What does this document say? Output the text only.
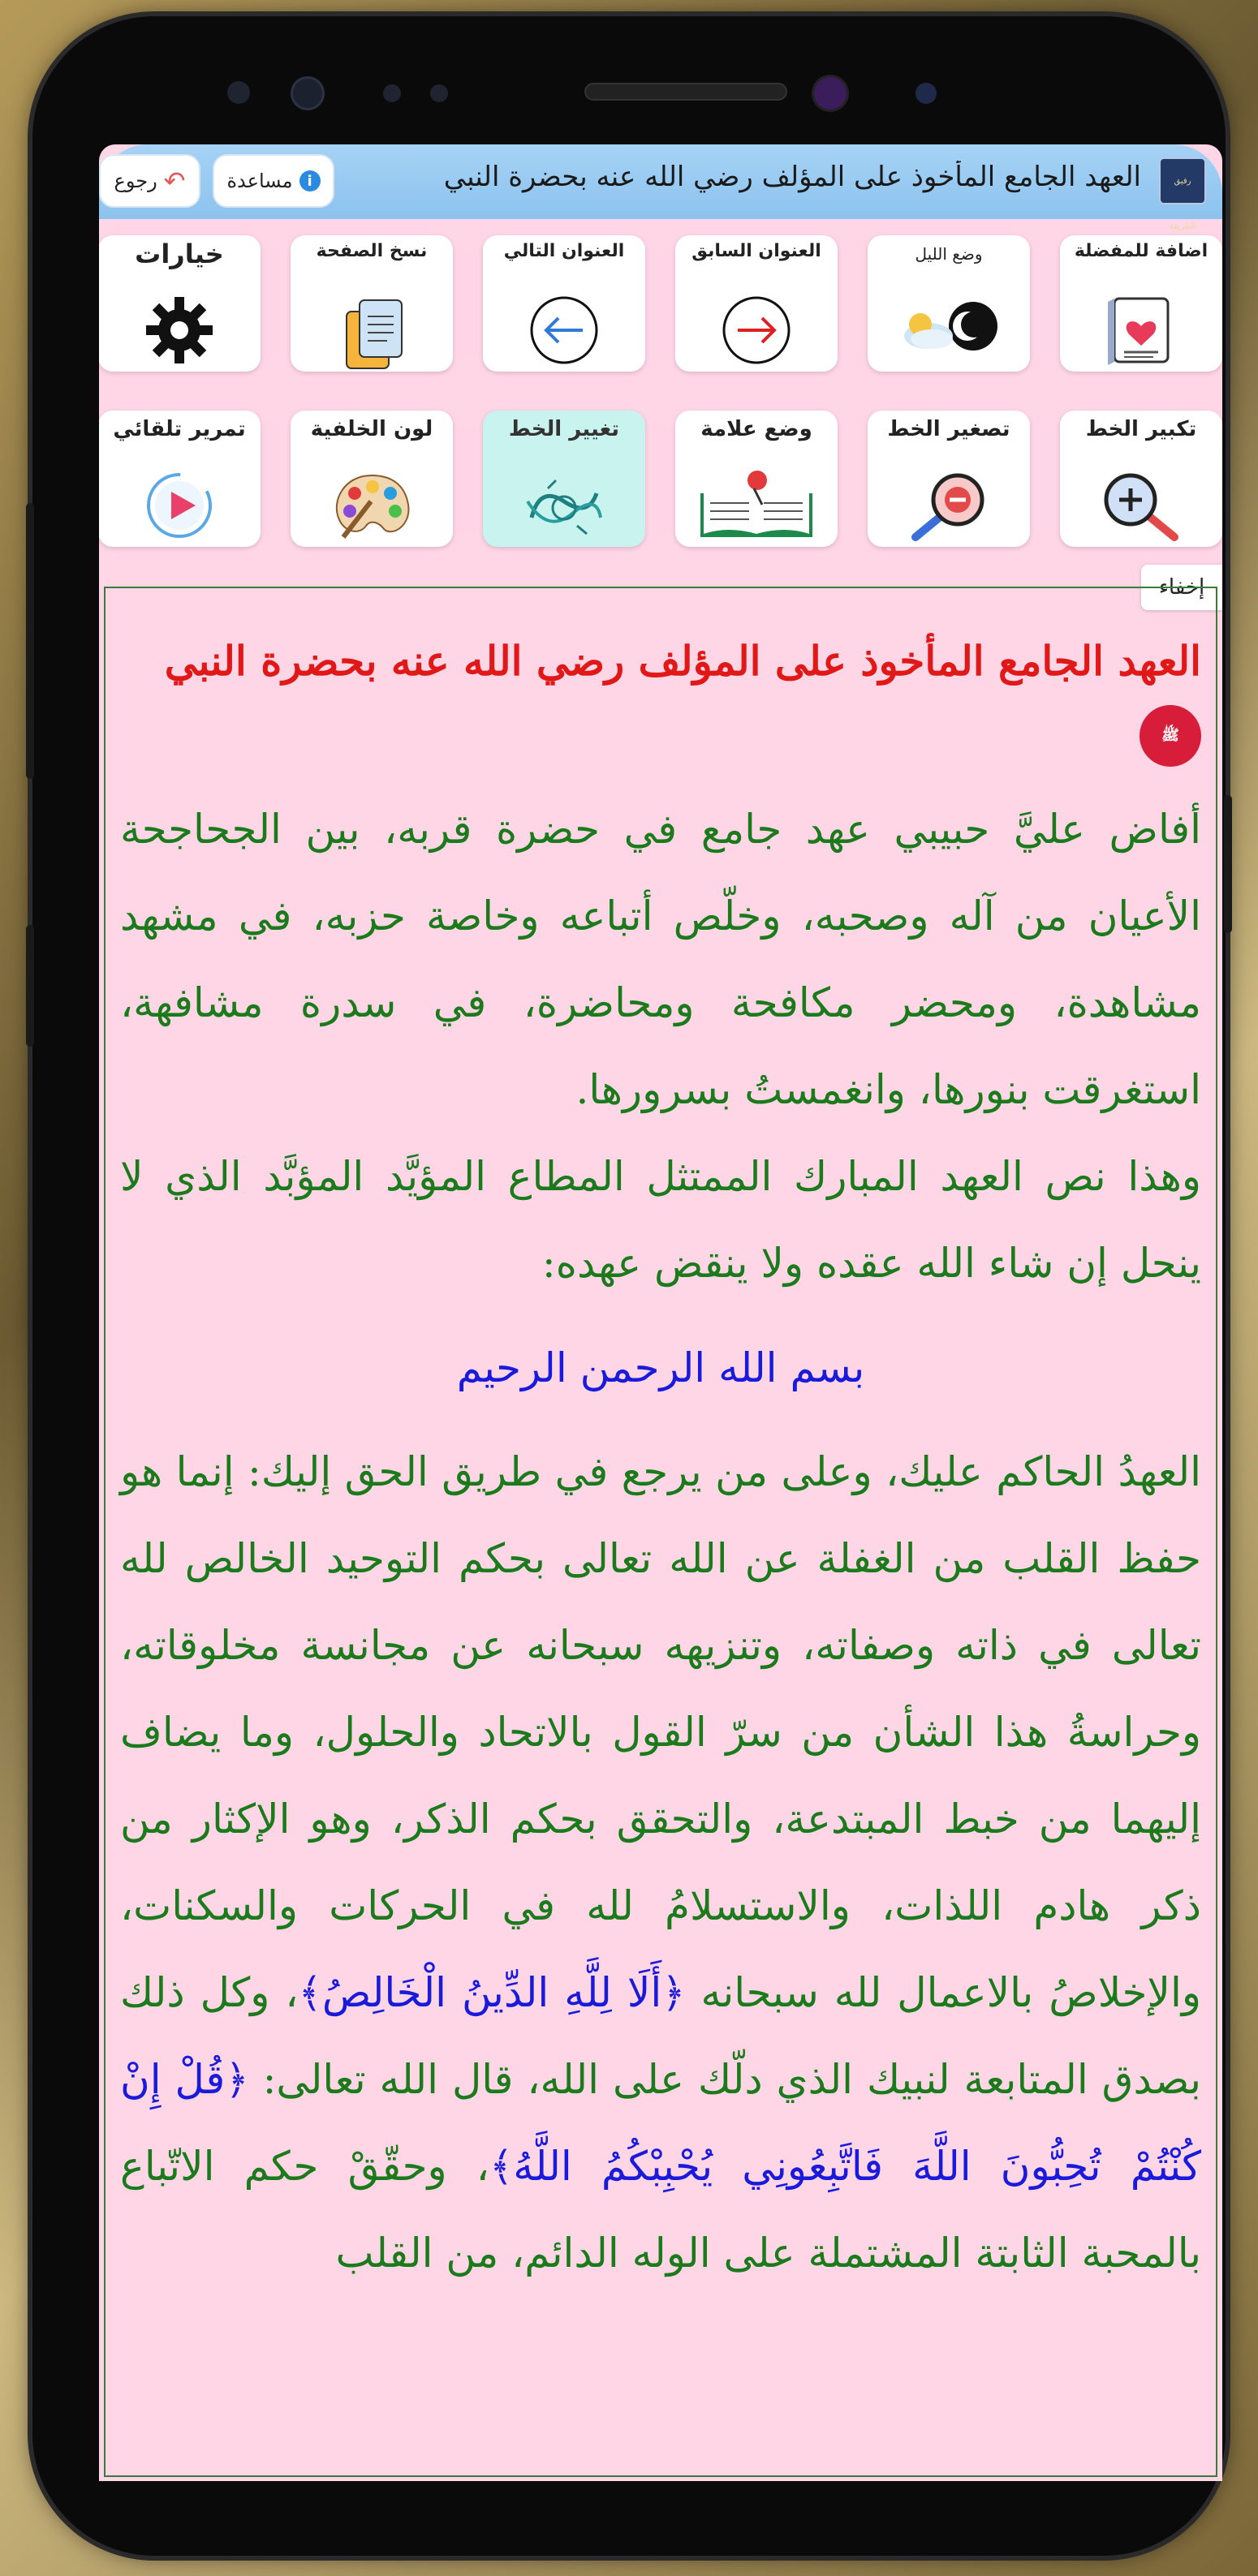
رفيق الطريقة
العهد الجامع المأخوذ على المؤلف رضي الله عنه بحضرة النبي
i
مساعدة
↶
رجوع
اضافة للمفضلة
وضع الليل
العنوان السابق
العنوان التالي
نسخ الصفحة
خيارات
تكبير الخط
تصغير الخط
وضع علامة
تغيير الخط
لون الخلفية
تمرير تلقائي
إخفاء
العهد الجامع المأخوذ على المؤلف رضي الله عنه بحضرة النبي
ﷺ
أفاض عليَّ حبيبي عهد جامع في حضرة قربه، بين الجحاجحة الأعيان من آله وصحبه، وخلّص أتباعه وخاصة حزبه، في مشهد مشاهدة، ومحضر مكافحة ومحاضرة، في سدرة مشافهة، استغرقت بنورها، وانغمستُ بسرورها.
وهذا نص العهد المبارك الممتثل المطاع المؤيَّد المؤبَّد الذي لا ينحل إن شاء الله عقده ولا ينقض عهده:
بسم الله الرحمن الرحيم
العهدُ الحاكم عليك، وعلى من يرجع في طريق الحق إليك: إنما هو حفظ القلب من الغفلة عن الله تعالى بحكم التوحيد الخالص لله تعالى في ذاته وصفاته، وتنزيهه سبحانه عن مجانسة مخلوقاته، وحراسةُ هذا الشأن من سرّ القول بالاتحاد والحلول، وما يضاف إليهما من خبط المبتدعة، والتحقق بحكم الذكر، وهو الإكثار من ذكر هادم اللذات، والاستسلامُ لله في الحركات والسكنات، والإخلاصُ بالاعمال لله سبحانه ﴿أَلَا لِلَّهِ الدِّينُ الْخَالِصُ﴾، وكل ذلك بصدق المتابعة لنبيك الذي دلّك على الله، قال الله تعالى: ﴿قُلْ إِنْ كُنْتُمْ تُحِبُّونَ اللَّهَ فَاتَّبِعُونِي يُحْبِبْكُمُ اللَّهُ﴾، وحقّقْ حكم الاتّباع بالمحبة الثابتة المشتملة على الوله الدائم، من القلب
